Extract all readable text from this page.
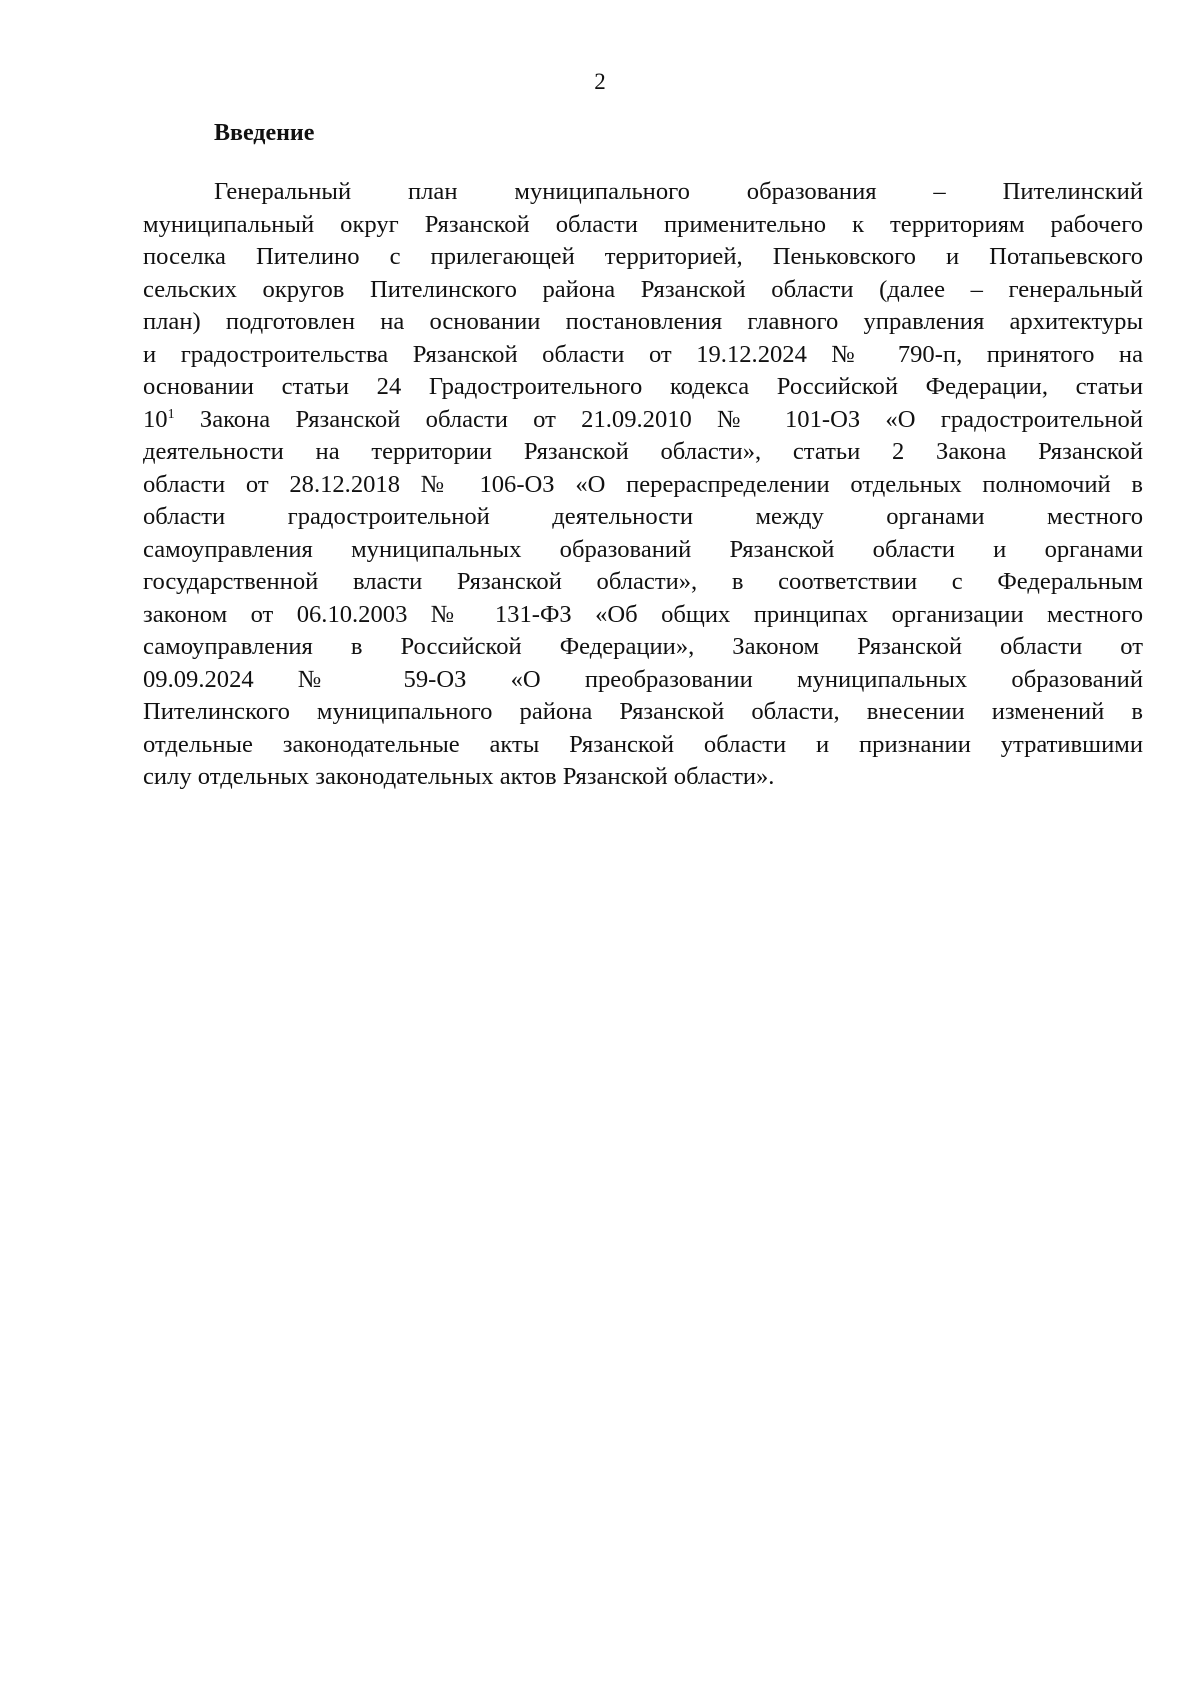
2
Введение
Генеральный план муниципального образования – Пителинский
муниципальный округ Рязанской области применительно к территориям рабочего
поселка Пителино с прилегающей территорией, Пеньковского и Потапьевского
сельских округов Пителинского района Рязанской области (далее – генеральный
план) подготовлен на основании постановления главного управления архитектуры
и градостроительства Рязанской области от 19.12.2024 № 790-п, принятого на
основании статьи 24 Градостроительного кодекса Российской Федерации, статьи
$10^1$ Закона Рязанской области от 21.09.2010 № 101-ОЗ «О градостроительной
деятельности на территории Рязанской области», статьи 2 Закона Рязанской
области от 28.12.2018 № 106-ОЗ «О перераспределении отдельных полномочий в
области градостроительной деятельности между органами местного
самоуправления муниципальных образований Рязанской области и органами
государственной власти Рязанской области», в соответствии с Федеральным
законом от 06.10.2003 № 131-ФЗ «Об общих принципах организации местного
самоуправления в Российской Федерации», Законом Рязанской области от
09.09.2024 № 59-ОЗ «О преобразовании муниципальных образований
Пителинского муниципального района Рязанской области, внесении изменений в
отдельные законодательные акты Рязанской области и признании утратившими
силу отдельных законодательных актов Рязанской области».
